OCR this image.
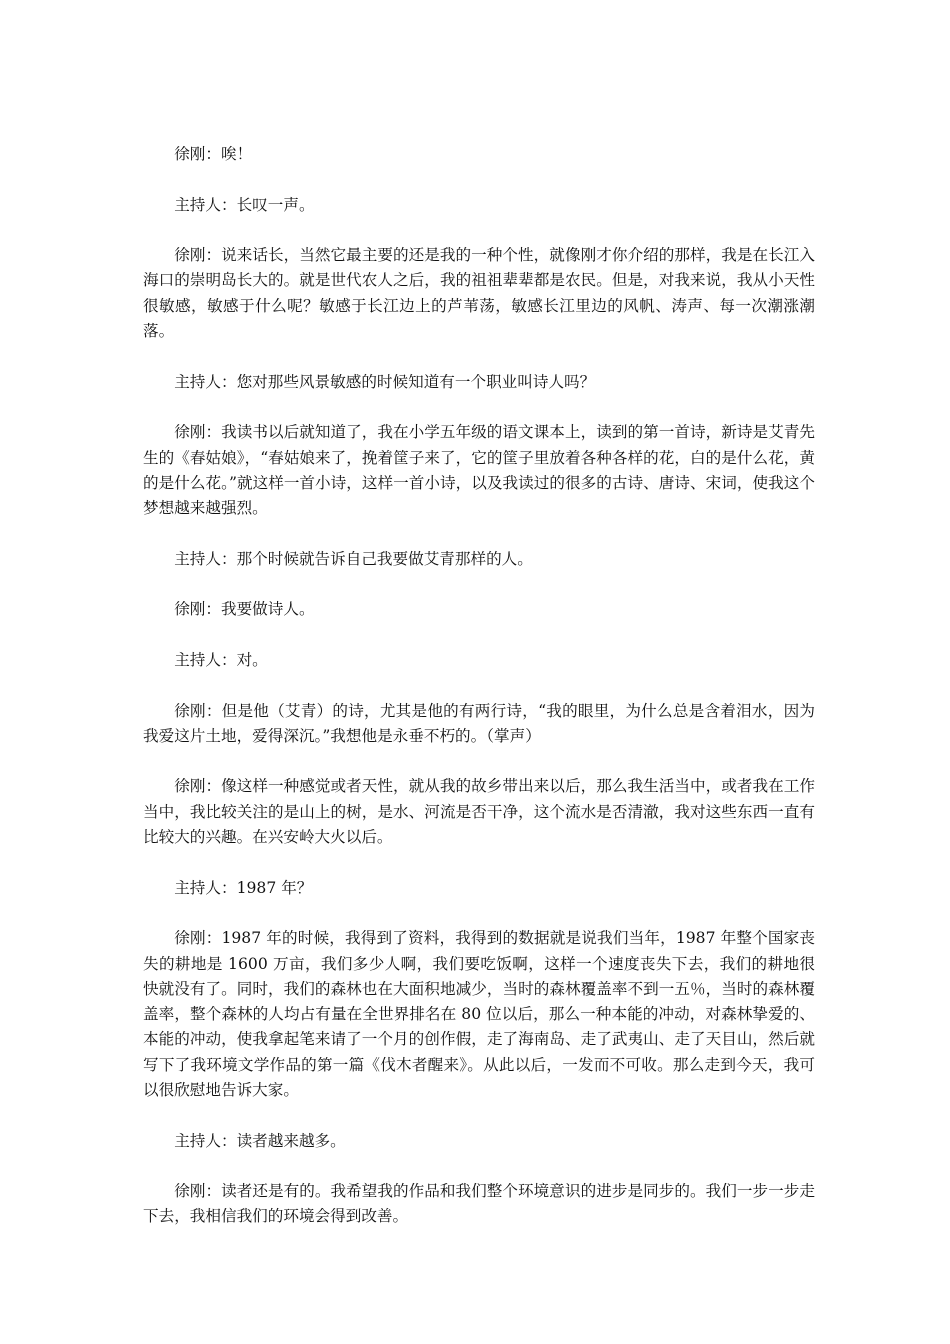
徐刚：唉！

主持人：长叹一声。

徐刚：说来话长，当然它最主要的还是我的一种个性，就像刚才你介绍的那样，我是在长江入海口的崇明岛长大的。就是世代农人之后，我的祖祖辈辈都是农民。但是，对我来说，我从小天性很敏感，敏感于什么呢？敏感于长江边上的芦苇荡，敏感长江里边的风帆、涛声、每一次潮涨潮落。

主持人：您对那些风景敏感的时候知道有一个职业叫诗人吗？

徐刚：我读书以后就知道了，我在小学五年级的语文课本上，读到的第一首诗，新诗是艾青先生的《春姑娘》，“春姑娘来了，挽着筐子来了，它的筐子里放着各种各样的花，白的是什么花，黄的是什么花。”就这样一首小诗，这样一首小诗，以及我读过的很多的古诗、唐诗、宋词，使我这个梦想越来越强烈。

主持人：那个时候就告诉自己我要做艾青那样的人。

徐刚：我要做诗人。

主持人：对。

徐刚：但是他（艾青）的诗，尤其是他的有两行诗，“我的眼里，为什么总是含着泪水，因为我爱这片土地，爱得深沉。”我想他是永垂不朽的。（掌声）

徐刚：像这样一种感觉或者天性，就从我的故乡带出来以后，那么我生活当中，或者我在工作当中，我比较关注的是山上的树，是水、河流是否干净，这个流水是否清澈，我对这些东西一直有比较大的兴趣。在兴安岭大火以后。

主持人：1987 年？

徐刚：1987 年的时候，我得到了资料，我得到的数据就是说我们当年，1987 年整个国家丧失的耕地是 1600 万亩，我们多少人啊，我们要吃饭啊，这样一个速度丧失下去，我们的耕地很快就没有了。同时，我们的森林也在大面积地减少，当时的森林覆盖率不到一五％，当时的森林覆盖率，整个森林的人均占有量在全世界排名在 80 位以后，那么一种本能的冲动，对森林挚爱的、本能的冲动，使我拿起笔来请了一个月的创作假，走了海南岛、走了武夷山、走了天目山，然后就写下了我环境文学作品的第一篇《伐木者醒来》。从此以后，一发而不可收。那么走到今天，我可以很欣慰地告诉大家。

主持人：读者越来越多。

徐刚：读者还是有的。我希望我的作品和我们整个环境意识的进步是同步的。我们一步一步走下去，我相信我们的环境会得到改善。
